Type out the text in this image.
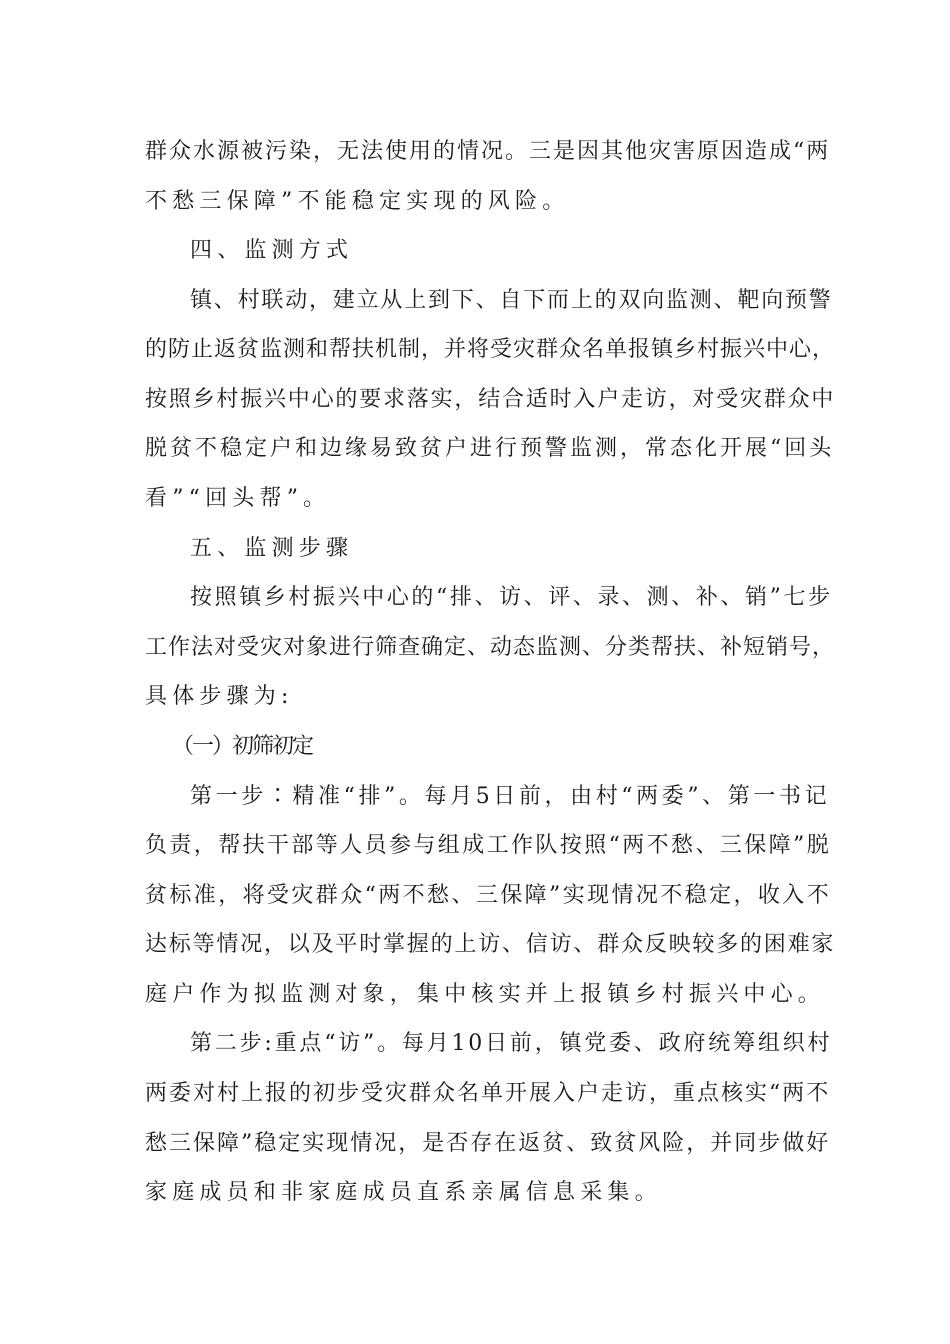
群众水源被污染，无法使用的情况。三是因其他灾害原因造成“两
不愁三保障”不能稳定实现的风险。
四、监测方式
镇、村联动，建立从上到下、自下而上的双向监测、靶向预警
的防止返贫监测和帮扶机制，并将受灾群众名单报镇乡村振兴中心，
按照乡村振兴中心的要求落实，结合适时入户走访，对受灾群众中
脱贫不稳定户和边缘易致贫户进行预警监测，常态化开展“回头
看”“回头帮”。
五、监测步骤
按照镇乡村振兴中心的“排、访、评、录、测、补、销”七步
工作法对受灾对象进行筛查确定、动态监测、分类帮扶、补短销号，
具体步骤为:
（一）初筛初定
第一步∶精准“排”。每月5日前，由村“两委”、第一书记
负责，帮扶干部等人员参与组成工作队按照“两不愁、三保障”脱
贫标准，将受灾群众“两不愁、三保障”实现情况不稳定，收入不
达标等情况，以及平时掌握的上访、信访、群众反映较多的困难家
庭户作为拟监测对象，集中核实并上报镇乡村振兴中心。
第二步:重点“访”。每月10日前，镇党委、政府统筹组织村
两委对村上报的初步受灾群众名单开展入户走访，重点核实“两不
愁三保障”稳定实现情况，是否存在返贫、致贫风险，并同步做好
家庭成员和非家庭成员直系亲属信息采集。
